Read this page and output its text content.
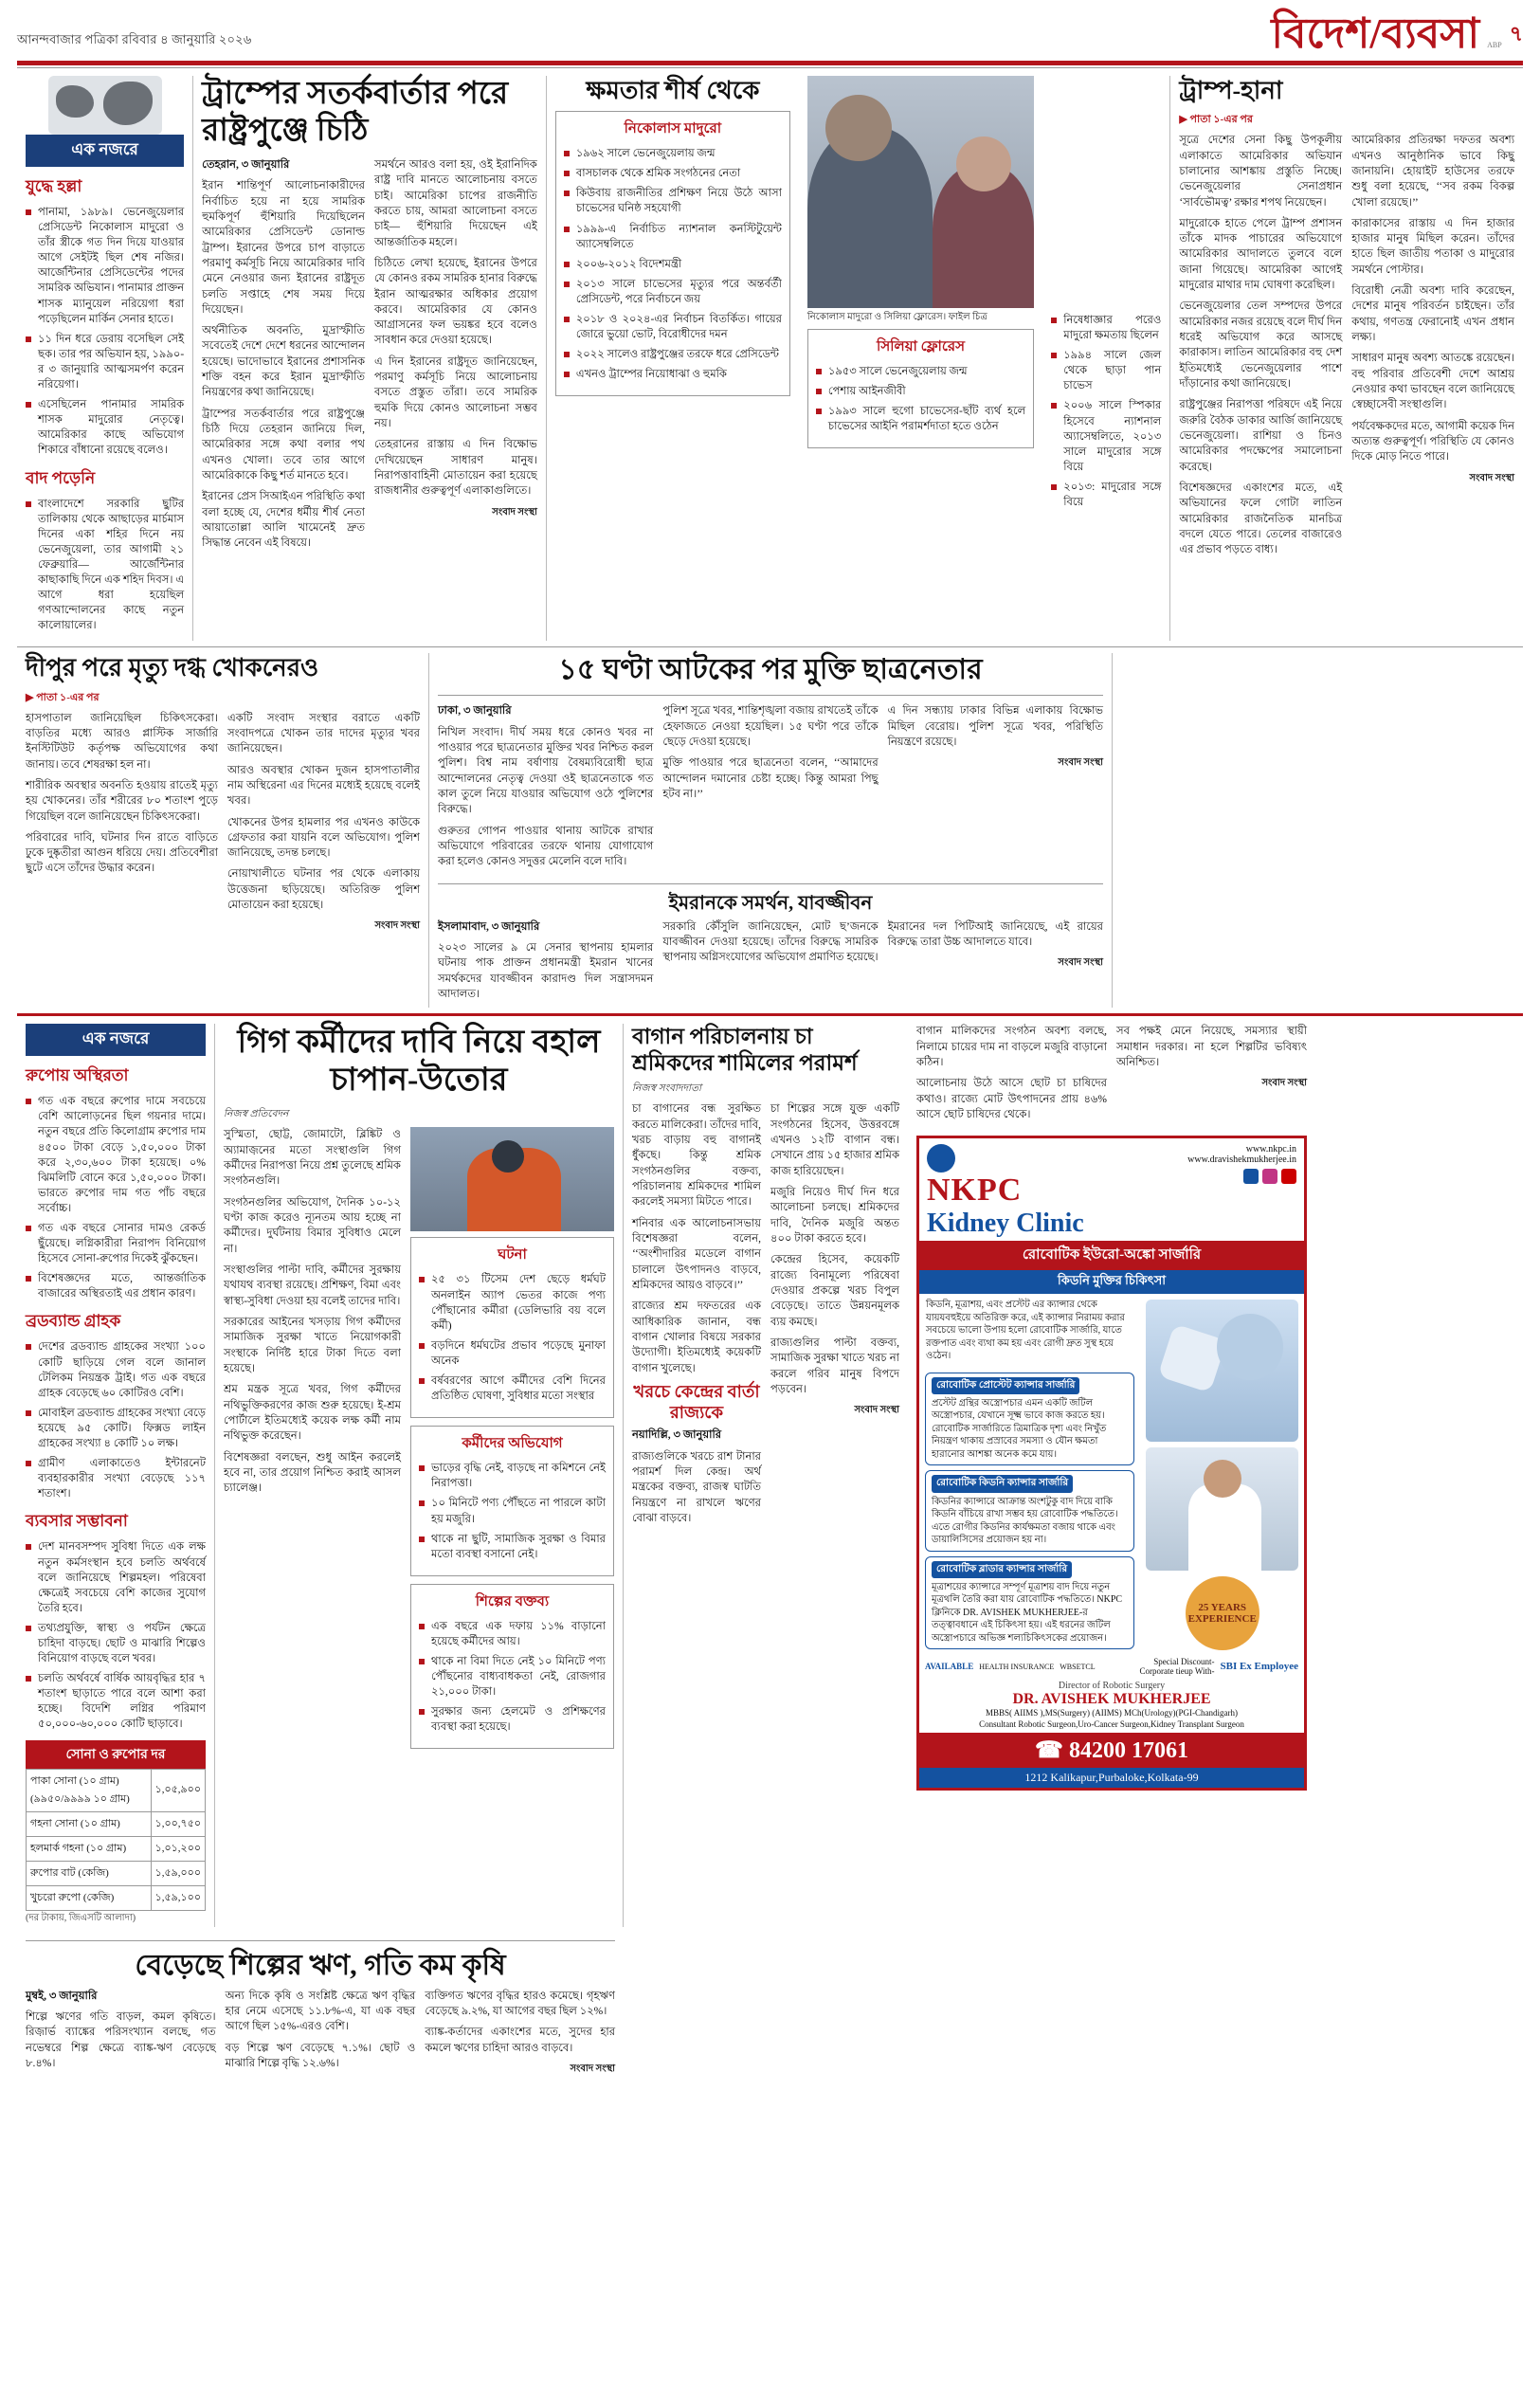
আনন্দবাজার পত্রিকা রবিবার ৪ জানুয়ারি ২০২৬	বিদেশ/ব্যবসা ABP ৭
এক নজরে
যুদ্ধে হল্লা
পানামা, ১৯৮৯। ভেনেজুয়েলার প্রেসিডেন্ট নিকোলাস মাদুরো ও তাঁর স্ত্রীকে গত দিন দিয়ে যাওয়ার আগে সেইটই ছিল শেষ নজির। আর্জেন্টিনার প্রেসিডেন্টের পদের সামরিক অভিযান। পানামার প্রাক্তন শাসক ম্যানুয়েল নরিয়েগা ধরা পড়েছিলেন মার্কিন সেনার হাতে।
১১ দিন ধরে ডেরায় বসেছিল সেই ছক। তার পর অভিযান হয়, ১৯৯০-র ৩ জানুয়ারি আত্মসমর্পণ করেন নরিয়েগা।
এসেছিলেন পানামার সামরিক শাসক মাদুরোর নেতৃত্বে। আমেরিকার কাছে অভিযোগ শিকারে বাঁধানো রয়েছে বলেও।
বাদ পড়েনি
বাংলাদেশে সরকারি ছুটির তালিকায় থেকে আছাড়ের মার্চমাস দিনের একা শহির দিনে নয় ভেনেজুয়েলা, তার আগামী ২১ ফেব্রুয়ারি— আর্জেন্টিনার কাছাকাছি দিনে এক শহিদ দিবস। এ আগে ধরা হয়েছিল গণআন্দোলনের কাছে নতুন কালোয়ালের।
ট্রাম্পের সতর্কবার্তার পরে রাষ্ট্রপুঞ্জে চিঠি

তেহরান, ৩ জানুয়ারি

ইরান শান্তিপূর্ণ আলোচনাকারীদের নির্বাচিত হয়ে না হয়ে সামরিক হুমকিপূর্ণ হুঁশিয়ারি দিয়েছিলেন আমেরিকার প্রেসিডেন্ট ডোনাল্ড ট্রাম্প। ইরানের উপরে চাপ বাড়াতে পরমাণু কর্মসূচি নিয়ে আমেরিকার দাবি মেনে নেওয়ার জন্য ইরানের রাষ্ট্রদূত চলতি সপ্তাহে শেষ সময় দিয়ে দিয়েছেন।

অর্থনীতিক অবনতি, মুদ্রাস্ফীতি সবেতেই দেশে দেশে ধরনের আন্দোলন হয়েছে। ভাদোভাবে ইরানের প্রশাসনিক শক্তি বহন করে ইরান মুদ্রাস্ফীতি নিয়ন্ত্রণের কথা জানিয়েছে।

ট্রাম্পের সতর্কবার্তার পরে রাষ্ট্রপুঞ্জে চিঠি দিয়ে তেহরান জানিয়ে দিল, আমেরিকার সঙ্গে কথা বলার পথ এখনও খোলা। তবে তার আগে আমেরিকাকে কিছু শর্ত মানতে হবে।

ইরানের প্রেস সিআইএন পরিস্থিতি কথা বলা হচ্ছে যে, দেশের ধর্মীয় শীর্ষ নেতা আয়াতোল্লা আলি খামেনেই দ্রুত সিদ্ধান্ত নেবেন এই বিষয়ে।

সমর্থনে আরও বলা হয়, ওই ইরানিদিক রাষ্ট্র দাবি মানতে আলোচনায় বসতে চাই। আমেরিকা চাপের রাজনীতি করতে চায়, আমরা আলোচনা বসতে চাই— হুঁশিয়ারি দিয়েছেন এই আন্তর্জাতিক মহলে।

চিঠিতে লেখা হয়েছে, ইরানের উপরে যে কোনও রকম সামরিক হানার বিরুদ্ধে ইরান আত্মরক্ষার অধিকার প্রয়োগ করবে। আমেরিকার যে কোনও আগ্রাসনের ফল ভয়ঙ্কর হবে বলেও সাবধান করে দেওয়া হয়েছে।

এ দিন ইরানের রাষ্ট্রদূত জানিয়েছেন, পরমাণু কর্মসূচি নিয়ে আলোচনায় বসতে প্রস্তুত তাঁরা। তবে সামরিক হুমকি দিয়ে কোনও আলোচনা সম্ভব নয়।

তেহরানের রাস্তায় এ দিন বিক্ষোভ দেখিয়েছেন সাধারণ মানুষ। নিরাপত্তাবাহিনী মোতায়েন করা হয়েছে রাজধানীর গুরুত্বপূর্ণ এলাকাগুলিতে।

সংবাদ সংস্থা
ক্ষমতার শীর্ষ থেকে
নিকোলাস মাদুরো
১৯৬২ সালে ভেনেজুয়েলায় জন্ম
বাসচালক থেকে শ্রমিক সংগঠনের নেতা
কিউবায় রাজনীতির প্রশিক্ষণ নিয়ে উঠে আসা চাভেসের ঘনিষ্ঠ সহযোগী
১৯৯৯-এ নির্বাচিত ন্যাশনাল কনস্টিটুয়েন্ট অ্যাসেম্বলিতে
২০০৬-২০১২ বিদেশমন্ত্রী
২০১৩ সালে চাভেসের মৃত্যুর পরে অন্তর্বর্তী প্রেসিডেন্ট, পরে নির্বাচনে জয়
২০১৮ ও ২০২৪-এর নির্বাচন বিতর্কিত। গায়ের জোরে ভুয়ো ভোট, বিরোধীদের দমন
২০২২ সালেও রাষ্ট্রপুঞ্জের তরফে ধরে প্রেসিডেন্ট
এখনও ট্রাম্পের নিয়োধাঝা ও হুমকি
নিকোলাস মাদুরো ও সিলিয়া ফ্লোরেস। ফাইল চিত্র
সিলিয়া ফ্লোরেস
১৯৫৩ সালে ভেনেজুয়েলায় জন্ম
পেশায় আইনজীবী
১৯৯৩ সালে হুগো চাভেসের-ছাঁট ব্যর্থ হলে চাভেসের আইনি পরামর্শদাতা হতে ওঠেন
নিষেধাজ্ঞার পরেও মাদুরো ক্ষমতায় ছিলেন
১৯৯৪ সালে জেল থেকে ছাড়া পান চাভেস
২০০৬ সালে স্পিকার হিসেবে ন্যাশনাল অ্যাসেম্বলিতে, ২০১৩ সালে মাদুরোর সঙ্গে বিয়ে
২০১৩: মাদুরোর সঙ্গে বিয়ে
ট্রাম্প-হানা
▶ পাতা ১-এর পর

সূত্রে দেশের সেনা কিছু উপকূলীয় এলাকাতে আমেরিকার অভিযান চালানোর আশঙ্কায় প্রস্তুতি নিচ্ছে। ভেনেজুয়েলার সেনাপ্রধান ‘সার্বভৌমত্ব’ রক্ষার শপথ নিয়েছেন।

মাদুরোকে হাতে পেলে ট্রাম্প প্রশাসন তাঁকে মাদক পাচারের অভিযোগে আমেরিকার আদালতে তুলবে বলে জানা গিয়েছে। আমেরিকা আগেই মাদুরোর মাথার দাম ঘোষণা করেছিল।

ভেনেজুয়েলার তেল সম্পদের উপরে আমেরিকার নজর রয়েছে বলে দীর্ঘ দিন ধরেই অভিযোগ করে আসছে কারাকাস। লাতিন আমেরিকার বহু দেশ ইতিমধ্যেই ভেনেজুয়েলার পাশে দাঁড়ানোর কথা জানিয়েছে।

রাষ্ট্রপুঞ্জের নিরাপত্তা পরিষদে এই নিয়ে জরুরি বৈঠক ডাকার আর্জি জানিয়েছে ভেনেজুয়েলা। রাশিয়া ও চিনও আমেরিকার পদক্ষেপের সমালোচনা করেছে।

বিশেষজ্ঞদের একাংশের মতে, এই অভিযানের ফলে গোটা লাতিন আমেরিকার রাজনৈতিক মানচিত্র বদলে যেতে পারে। তেলের বাজারেও এর প্রভাব পড়তে বাধ্য।

আমেরিকার প্রতিরক্ষা দফতর অবশ্য এখনও আনুষ্ঠানিক ভাবে কিছু জানায়নি। হোয়াইট হাউসের তরফে শুধু বলা হয়েছে, ‘‘সব রকম বিকল্প খোলা রয়েছে।’’

কারাকাসের রাস্তায় এ দিন হাজার হাজার মানুষ মিছিল করেন। তাঁদের হাতে ছিল জাতীয় পতাকা ও মাদুরোর সমর্থনে পোস্টার।

বিরোধী নেত্রী অবশ্য দাবি করেছেন, দেশের মানুষ পরিবর্তন চাইছেন। তাঁর কথায়, গণতন্ত্র ফেরানোই এখন প্রধান লক্ষ্য।

সাধারণ মানুষ অবশ্য আতঙ্কে রয়েছেন। বহু পরিবার প্রতিবেশী দেশে আশ্রয় নেওয়ার কথা ভাবছেন বলে জানিয়েছে স্বেচ্ছাসেবী সংস্থাগুলি।

পর্যবেক্ষকদের মতে, আগামী কয়েক দিন অত্যন্ত গুরুত্বপূর্ণ। পরিস্থিতি যে কোনও দিকে মোড় নিতে পারে।

সংবাদ সংস্থা
দীপুর পরে মৃত্যু দগ্ধ খোকনেরও
▶ পাতা ১-এর পর

হাসপাতাল জানিয়েছিল চিকিৎসকেরা। বাড়তির মধ্যে আরও প্লাস্টিক সার্জারি ইনস্টিটিউট কর্তৃপক্ষ অভিযোগের কথা জানায়। তবে শেষরক্ষা হল না।

শারীরিক অবস্থার অবনতি হওয়ায় রাতেই মৃত্যু হয় খোকনের। তাঁর শরীরের ৮০ শতাংশ পুড়ে গিয়েছিল বলে জানিয়েছেন চিকিৎসকেরা।

পরিবারের দাবি, ঘটনার দিন রাতে বাড়িতে ঢুকে দুষ্কৃতীরা আগুন ধরিয়ে দেয়। প্রতিবেশীরা ছুটে এসে তাঁদের উদ্ধার করেন।

একটি সংবাদ সংস্থার বরাতে একটি সংবাদপত্রে খোকন তার দাদের মৃত্যুর খবর জানিয়েছেন।

আরও অবস্থার খোকন দুজন হাসপাতালীর নাম অস্থিরেনা এর দিনের মধ্যেই হয়েছে বলেই খবর।

খোকনের উপর হামলার পর এখনও কাউকে গ্রেফতার করা যায়নি বলে অভিযোগ। পুলিশ জানিয়েছে, তদন্ত চলছে।

নোয়াখালীতে ঘটনার পর থেকে এলাকায় উত্তেজনা ছড়িয়েছে। অতিরিক্ত পুলিশ মোতায়েন করা হয়েছে।

সংবাদ সংস্থা
১৫ ঘণ্টা আটকের পর মুক্তি ছাত্রনেতার

ঢাকা, ৩ জানুয়ারি

নিখিল সংবাদ। দীর্ঘ সময় ধরে কোনও খবর না পাওয়ার পরে ছাত্রনেতার মুক্তির খবর নিশ্চিত করল পুলিশ। বিশ্ব নাম বর্ষাণায় বৈষম্যবিরোধী ছাত্র আন্দোলনের নেতৃত্ব দেওয়া ওই ছাত্রনেতাকে গত কাল তুলে নিয়ে যাওয়ার অভিযোগ ওঠে পুলিশের বিরুদ্ধে।

গুরুতর গোপন পাওয়ার থানায় আটকে রাখার অভিযোগে পরিবারের তরফে থানায় যোগাযোগ করা হলেও কোনও সদুত্তর মেলেনি বলে দাবি।

পুলিশ সূত্রে খবর, শান্তিশৃঙ্খলা বজায় রাখতেই তাঁকে হেফাজতে নেওয়া হয়েছিল। ১৫ ঘণ্টা পরে তাঁকে ছেড়ে দেওয়া হয়েছে।

মুক্তি পাওয়ার পরে ছাত্রনেতা বলেন, ‘‘আমাদের আন্দোলন দমানোর চেষ্টা হচ্ছে। কিন্তু আমরা পিছু হটব না।’’

এ দিন সন্ধ্যায় ঢাকার বিভিন্ন এলাকায় বিক্ষোভ মিছিল বেরোয়। পুলিশ সূত্রে খবর, পরিস্থিতি নিয়ন্ত্রণে রয়েছে।

সংবাদ সংস্থা
ইমরানকে সমর্থন, যাবজ্জীবন

ইসলামাবাদ, ৩ জানুয়ারি

২০২৩ সালের ৯ মে সেনার স্থাপনায় হামলার ঘটনায় পাক প্রাক্তন প্রধানমন্ত্রী ইমরান খানের সমর্থকদের যাবজ্জীবন কারাদণ্ড দিল সন্ত্রাসদমন আদালত।

সরকারি কৌঁসুলি জানিয়েছেন, মোট ছ’জনকে যাবজ্জীবন দেওয়া হয়েছে। তাঁদের বিরুদ্ধে সামরিক স্থাপনায় অগ্নিসংযোগের অভিযোগ প্রমাণিত হয়েছে।

ইমরানের দল পিটিআই জানিয়েছে, এই রায়ের বিরুদ্ধে তারা উচ্চ আদালতে যাবে।

সংবাদ সংস্থা
এক নজরে
রুপোয় অস্থিরতা
গত এক বছরে রুপোর দামে সবচেয়ে বেশি আলোড়নের ছিল গয়নার দামে। নতুন বছরে প্রতি কিলোগ্রাম রুপোর দাম ৪৫০০ টাকা বেড়ে ১,৫০,০০০ টাকা করে ২,৩০,৬০০ টাকা হয়েছে। ০% ঝিমলিটি বোনে করে ১,৫০,০০০ টাকা। ভারতে রুপোর দাম গত পাঁচ বছরে সর্বোচ্চ।
গত এক বছরে সোনার দামও রেকর্ড ছুঁয়েছে। লগ্নিকারীরা নিরাপদ বিনিয়োগ হিসেবে সোনা-রুপোর দিকেই ঝুঁকছেন।
বিশেষজ্ঞদের মতে, আন্তর্জাতিক বাজারের অস্থিরতাই এর প্রধান কারণ।
ব্রডব্যান্ড গ্রাহক
দেশের ব্রডব্যান্ড গ্রাহকের সংখ্যা ১০০ কোটি ছাড়িয়ে গেল বলে জানাল টেলিকম নিয়ন্ত্রক ট্রাই। গত এক বছরে গ্রাহক বেড়েছে ৬০ কোটিরও বেশি।
মোবাইল ব্রডব্যান্ড গ্রাহকের সংখ্যা বেড়ে হয়েছে ৯৫ কোটি। ফিক্সড লাইন গ্রাহকের সংখ্যা ৪ কোটি ১০ লক্ষ।
গ্রামীণ এলাকাতেও ইন্টারনেট ব্যবহারকারীর সংখ্যা বেড়েছে ১১৭ শতাংশ।
ব্যবসার সম্ভাবনা
দেশ মানবসম্পদ সুবিধা দিতে এক লক্ষ নতুন কর্মসংস্থান হবে চলতি অর্থবর্ষে বলে জানিয়েছে শিল্পমহল। পরিষেবা ক্ষেত্রেই সবচেয়ে বেশি কাজের সুযোগ তৈরি হবে।
তথ্যপ্রযুক্তি, স্বাস্থ্য ও পর্যটন ক্ষেত্রে চাহিদা বাড়ছে। ছোট ও মাঝারি শিল্পেও বিনিয়োগ বাড়ছে বলে খবর।
চলতি অর্থবর্ষে বার্ষিক আয়বৃদ্ধির হার ৭ শতাংশ ছাড়াতে পারে বলে আশা করা হচ্ছে। বিদেশি লগ্নির পরিমাণ ৫০,০০০-৬০,০০০ কোটি ছাড়াবে।
সোনা ও রুপোর দর
পাকা সোনা (১০ গ্রাম) (৯৯৫০/৯৯৯৯ ১০ গ্রাম)	১,০৫,৯০০
গহনা সোনা (১০ গ্রাম)	১,০০,৭৫০
হলমার্ক গহনা (১০ গ্রাম)	১,০১,২০০
রুপোর বাট (কেজি)	১,৫৯,০০০
খুচরো রুপো (কেজি)	১,৫৯,১০০
(দর টাকায়, জিএসটি আলাদা)
গিগ কর্মীদের দাবি নিয়ে বহাল চাপান-উতোর
নিজস্ব প্রতিবেদন

সুস্মিতা, ছোট্ট, জোমাটো, ব্লিঙ্কিট ও অ্যামাজ়নের মতো সংস্থাগুলি গিগ কর্মীদের নিরাপত্তা নিয়ে প্রশ্ন তুলেছে শ্রমিক সংগঠনগুলি।

সংগঠনগুলির অভিযোগ, দৈনিক ১০-১২ ঘণ্টা কাজ করেও ন্যূনতম আয় হচ্ছে না কর্মীদের। দুর্ঘটনায় বিমার সুবিধাও মেলে না।

সংস্থাগুলির পাল্টা দাবি, কর্মীদের সুরক্ষায় যথাযথ ব্যবস্থা রয়েছে। প্রশিক্ষণ, বিমা এবং স্বাস্থ্য-সুবিধা দেওয়া হয় বলেই তাদের দাবি।

সরকারের আইনের খসড়ায় গিগ কর্মীদের সামাজিক সুরক্ষা খাতে নিয়োগকারী সংস্থাকে নির্দিষ্ট হারে টাকা দিতে বলা হয়েছে।

শ্রম মন্ত্রক সূত্রে খবর, গিগ কর্মীদের নথিভুক্তিকরণের কাজ শুরু হয়েছে। ই-শ্রম পোর্টালে ইতিমধ্যেই কয়েক লক্ষ কর্মী নাম নথিভুক্ত করেছেন।

বিশেষজ্ঞরা বলছেন, শুধু আইন করলেই হবে না, তার প্রয়োগ নিশ্চিত করাই আসল চ্যালেঞ্জ।

ঘটনা
২৫ ৩১ টিসেম দেশ ছেড়ে ধর্মঘট অনলাইন অ্যাপ ভেতর কাজে পণ্য পৌঁছানোর কর্মীরা (ডেলিভারি বয় বলে কর্মী)
বড়দিনে ধর্মঘটের প্রভাব পড়েছে মুনাফা অনেক
বর্ষবরণের আগে কর্মীদের বেশি দিনের প্রতিষ্ঠিত ঘোষণা, সুবিধার মতো সংস্থার
কর্মীদের অভিযোগ
ভাড়ের বৃদ্ধি নেই, বাড়ছে না কমিশনে নেই নিরাপত্তা।
১০ মিনিটে পণ্য পৌঁছতে না পারলে কাটা হয় মজুরি।
থাকে না ছুটি, সামাজিক সুরক্ষা ও বিমার মতো ব্যবস্থা বসানো নেই।
শিল্পের বক্তব্য
এক বছরে এক দফায় ১১% বাড়ানো হয়েছে কর্মীদের আয়।
থাকে না বিমা দিতে নেই ১০ মিনিটে পণ্য পৌঁছনোর বাধ্যবাধকতা নেই, রোজগার ২১,০০০ টাকা।
সুরক্ষার জন্য হেলমেট ও প্রশিক্ষণের ব্যবস্থা করা হয়েছে।
বাগান পরিচালনায় চা শ্রমিকদের শামিলের পরামর্শ
নিজস্ব সংবাদদাতা

চা বাগানের বন্ধ সুরক্ষিত করতে মালিকেরা। তাঁদের দাবি, খরচ বাড়ায় বহু বাগানই ধুঁকছে। কিন্তু শ্রমিক সংগঠনগুলির বক্তব্য, পরিচালনায় শ্রমিকদের শামিল করলেই সমস্যা মিটতে পারে।

শনিবার এক আলোচনাসভায় বিশেষজ্ঞরা বলেন, ‘‘অংশীদারির মডেলে বাগান চালালে উৎপাদনও বাড়বে, শ্রমিকদের আয়ও বাড়বে।’’

রাজ্যের শ্রম দফতরের এক আধিকারিক জানান, বন্ধ বাগান খোলার বিষয়ে সরকার উদ্যোগী। ইতিমধ্যেই কয়েকটি বাগান খুলেছে।

খরচে কেন্দ্রের বার্তা রাজ্যকে

নয়াদিল্লি, ৩ জানুয়ারি

রাজ্যগুলিকে খরচে রাশ টানার পরামর্শ দিল কেন্দ্র। অর্থ মন্ত্রকের বক্তব্য, রাজস্ব ঘাটতি নিয়ন্ত্রণে না রাখলে ঋণের বোঝা বাড়বে।

চা শিল্পের সঙ্গে যুক্ত একটি সংগঠনের হিসেব, উত্তরবঙ্গে এখনও ১২টি বাগান বন্ধ। সেখানে প্রায় ১৫ হাজার শ্রমিক কাজ হারিয়েছেন।

মজুরি নিয়েও দীর্ঘ দিন ধরে আলোচনা চলছে। শ্রমিকদের দাবি, দৈনিক মজুরি অন্তত ৪০০ টাকা করতে হবে।

কেন্দ্রের হিসেব, কয়েকটি রাজ্যে বিনামূল্যে পরিষেবা দেওয়ার প্রকল্পে খরচ বিপুল বেড়েছে। তাতে উন্নয়নমূলক ব্যয় কমছে।

রাজ্যগুলির পাল্টা বক্তব্য, সামাজিক সুরক্ষা খাতে খরচ না করলে গরিব মানুষ বিপদে পড়বেন।

সংবাদ সংস্থা

বাগান মালিকদের সংগঠন অবশ্য বলছে, নিলামে চায়ের দাম না বাড়লে মজুরি বাড়ানো কঠিন।

আলোচনায় উঠে আসে ছোট চা চাষিদের কথাও। রাজ্যে মোট উৎপাদনের প্রায় ৪৬% আসে ছোট চাষিদের থেকে।

সব পক্ষই মেনে নিয়েছে, সমস্যার স্থায়ী সমাধান দরকার। না হলে শিল্পটির ভবিষ্যৎ অনিশ্চিত।

সংবাদ সংস্থা
NKPC
Kidney Clinic
www.nkpc.in
www.dravishekmukherjee.in
রোবোটিক ইউরো-অঙ্কো সার্জারি
কিডনি মুক্তির চিকিৎসা
কিডনি, মূত্রাশয়, এবং প্রস্টেট এর ক্যান্সার থেকে যায়যবহুইয়ে অতিরিক্ত করে, এই ক্যান্সার নিরাময় করার সবচেয়ে ভালো উপায় হলো রোবোটিক সার্জারি, যাতে রক্তপাত এবং ব্যথা কম হয় এবং রোগী দ্রুত সুস্থ হয়ে ওঠেন।
রোবোটিক প্রোস্টেট ক্যান্সার সার্জারি
প্রস্টেট গ্রন্থির অস্ত্রোপচার এমন একটি জটিল অস্ত্রোপচার, যেখানে সূক্ষ্ম ভাবে কাজ করতে হয়। রোবোটিক সার্জারিতে ত্রিমাত্রিক দৃশ্য এবং নিখুঁত নিয়ন্ত্রণ থাকায় প্রস্রাবের সমস্যা ও যৌন ক্ষমতা হারানোর আশঙ্কা অনেক কমে যায়।
রোবোটিক কিডনি ক্যান্সার সার্জারি
কিডনির ক্যান্সারে আক্রান্ত অংশটুকু বাদ দিয়ে বাকি কিডনি বাঁচিয়ে রাখা সম্ভব হয় রোবোটিক পদ্ধতিতে। এতে রোগীর কিডনির কার্যক্ষমতা বজায় থাকে এবং ডায়ালিসিসের প্রয়োজন হয় না।
রোবোটিক ব্লাডার ক্যান্সার সার্জারি
মূত্রাশয়ের ক্যান্সারে সম্পূর্ণ মূত্রাশয় বাদ দিয়ে নতুন মূত্রথলি তৈরি করা যায় রোবোটিক পদ্ধতিতে। NKPC ক্লিনিকে DR. AVISHEK MUKHERJEE-র তত্ত্বাবধানে এই চিকিৎসা হয়। এই ধরনের জটিল অস্ত্রোপচারে অভিজ্ঞ শল্যচিকিৎসকের প্রয়োজন।
25 YEARS EXPERIENCE
AVAILABLE HEALTH INSURANCE WBSETCL	Special Discount-
Corporate tieup With- SBI Ex Employee
Director of Robotic Surgery
DR. AVISHEK MUKHERJEE
MBBS( AIIMS ),MS(Surgery) (AIIMS) MCh(Urology)(PGI-Chandigarh)
Consultant Robotic Surgeon,Uro-Cancer Surgeon,Kidney Transplant Surgeon
☎ 84200 17061
1212 Kalikapur,Purbaloke,Kolkata-99
বেড়েছে শিল্পের ঋণ, গতি কম কৃষি

মুম্বই, ৩ জানুয়ারি

শিল্পে ঋণের গতি বাড়ল, কমল কৃষিতে। রিজ়ার্ভ ব্যাঙ্কের পরিসংখ্যান বলছে, গত নভেম্বরে শিল্প ক্ষেত্রে ব্যাঙ্ক-ঋণ বেড়েছে ৮.৪%।

অন্য দিকে কৃষি ও সংশ্লিষ্ট ক্ষেত্রে ঋণ বৃদ্ধির হার নেমে এসেছে ১১.৮%-এ, যা এক বছর আগে ছিল ১৫%-এরও বেশি।

বড় শিল্পে ঋণ বেড়েছে ৭.১%। ছোট ও মাঝারি শিল্পে বৃদ্ধি ১২.৬%।

ব্যক্তিগত ঋণের বৃদ্ধির হারও কমেছে। গৃহঋণ বেড়েছে ৯.২%, যা আগের বছর ছিল ১২%।

ব্যাঙ্ক-কর্তাদের একাংশের মতে, সুদের হার কমলে ঋণের চাহিদা আরও বাড়বে।

সংবাদ সংস্থা
